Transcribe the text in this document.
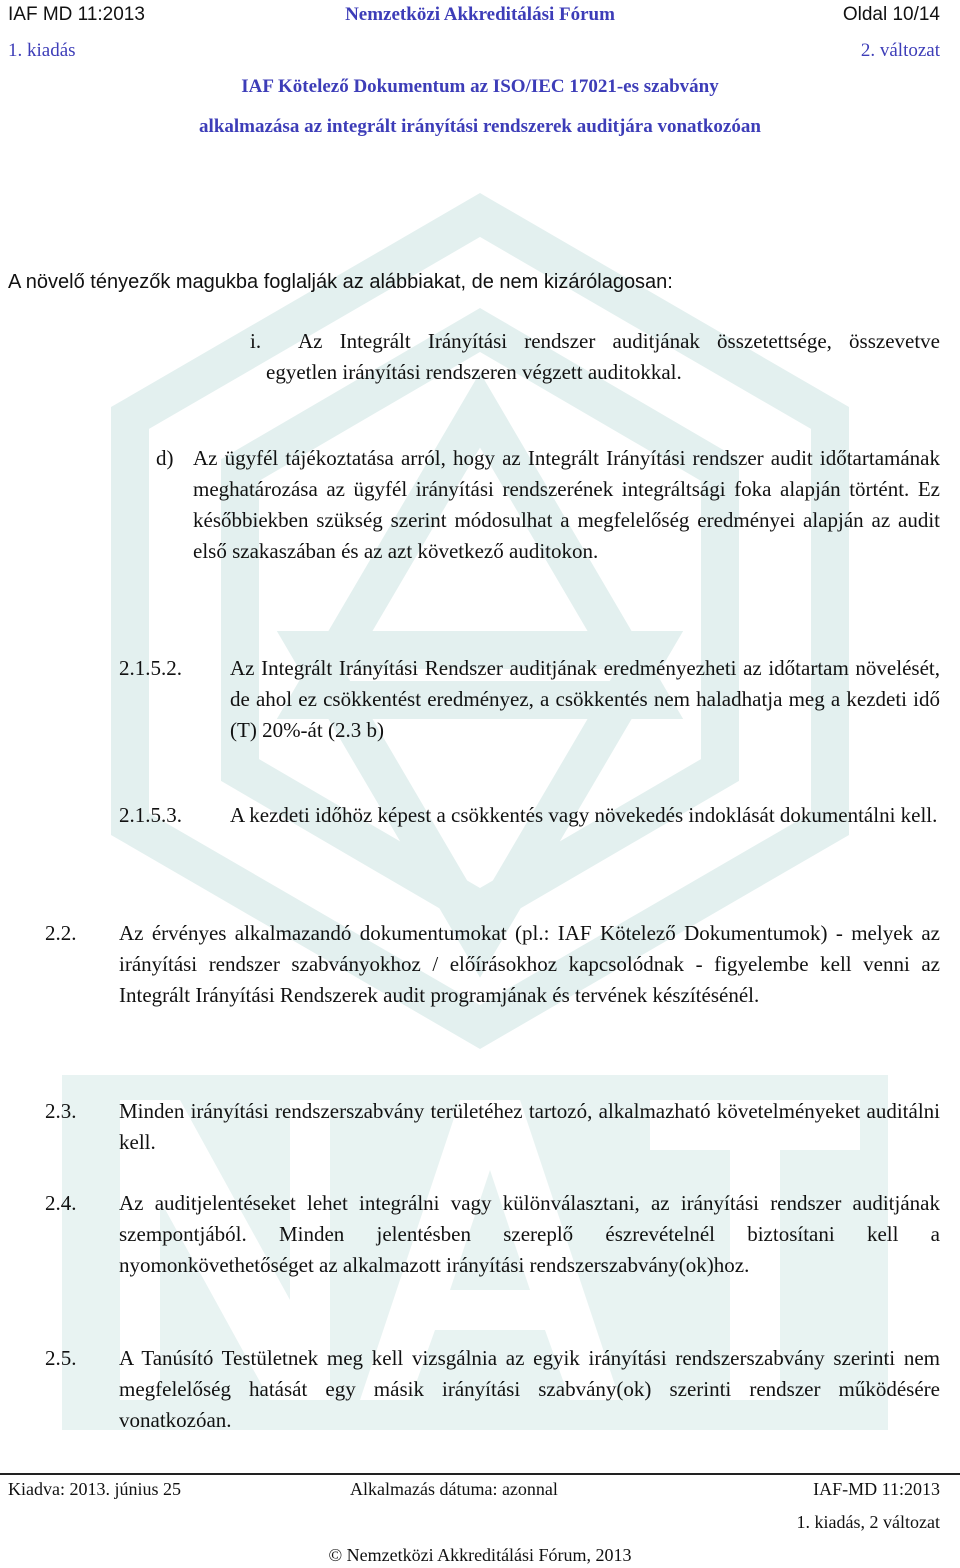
IAF MD 11:2013	Nemzetközi Akkreditálási Fórum	Oldal 10/14
1. kiadás	2. változat
IAF Kötelező Dokumentum az ISO/IEC 17021-es szabvány
alkalmazása az integrált irányítási rendszerek auditjára vonatkozóan
A növelő tényezők magukba foglalják az alábbiakat, de nem kizárólagosan:
i.	Az Integrált Irányítási rendszer auditjának összetettsége, összevetve egyetlen irányítási rendszeren végzett auditokkal.
d) Az ügyfél tájékoztatása arról, hogy az Integrált Irányítási rendszer audit időtartamának meghatározása az ügyfél irányítási rendszerének integráltsági foka alapján történt. Ez későbbiekben szükség szerint módosulhat a megfelelőség eredményei alapján az audit első szakaszában és az azt következő auditokon.
2.1.5.2. Az Integrált Irányítási Rendszer auditjának eredményezheti az időtartam növelését, de ahol ez csökkentést eredményez, a csökkentés nem haladhatja meg a kezdeti idő (T) 20%-át (2.3 b)
2.1.5.3. A kezdeti időhöz képest a csökkentés vagy növekedés indoklását dokumentálni kell.
2.2. Az érvényes alkalmazandó dokumentumokat (pl.: IAF Kötelező Dokumentumok) - melyek az irányítási rendszer szabványokhoz / előírásokhoz kapcsolódnak - figyelembe kell venni az Integrált Irányítási Rendszerek audit programjának és tervének készítésénél.
2.3. Minden irányítási rendszerszabvány területéhez tartozó, alkalmazható követelményeket auditálni kell.
2.4. Az auditjelentéseket lehet integrálni vagy különválasztani, az irányítási rendszer auditjának szempontjából. Minden jelentésben szereplő észrevételnél biztosítani kell a nyomonkövethetőséget az alkalmazott irányítási rendszerszabvány(ok)hoz.
2.5. A Tanúsító Testületnek meg kell vizsgálnia az egyik irányítási rendszerszabvány szerinti nem megfelelőség hatását egy másik irányítási szabvány(ok) szerinti rendszer működésére vonatkozóan.
Kiadva: 2013. június 25	Alkalmazás dátuma: azonnal	IAF-MD 11:2013
1. kiadás, 2 változat
© Nemzetközi Akkreditálási Fórum, 2013
